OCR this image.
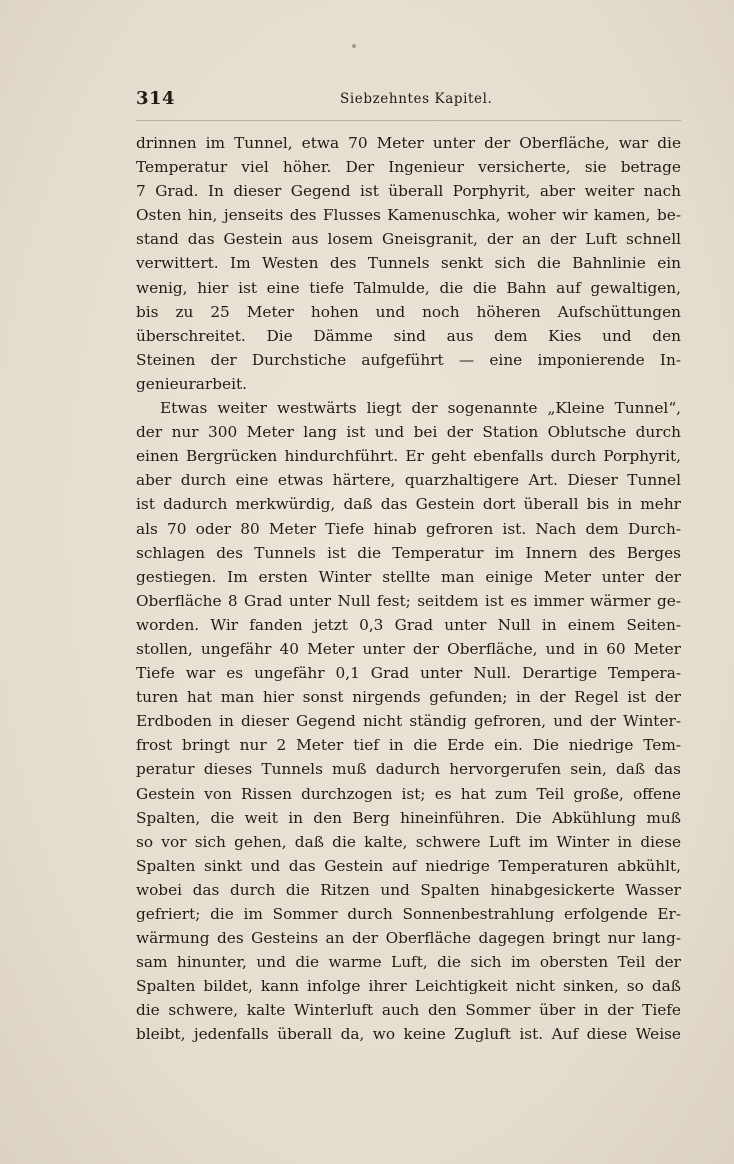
314	Siebzehntes Kapitel.
drinnen im Tunnel, etwa 70 Meter unter der Oberfläche, war die
Temperatur viel höher. Der Ingenieur versicherte, sie betrage
7 Grad. In dieser Gegend ist überall Porphyrit, aber weiter nach
Osten hin, jenseits des Flusses Kamenuschka, woher wir kamen, be-
stand das Gestein aus losem Gneisgranit, der an der Luft schnell
verwittert. Im Westen des Tunnels senkt sich die Bahnlinie ein
wenig, hier ist eine tiefe Talmulde, die die Bahn auf gewaltigen,
bis zu 25 Meter hohen und noch höheren Aufschüttungen
überschreitet. Die Dämme sind aus dem Kies und den
Steinen der Durchstiche aufgeführt — eine imponierende In-
genieurarbeit.
Etwas weiter westwärts liegt der sogenannte „Kleine Tunnel“,
der nur 300 Meter lang ist und bei der Station Oblutsche durch
einen Bergrücken hindurchführt. Er geht ebenfalls durch Porphyrit,
aber durch eine etwas härtere, quarzhaltigere Art. Dieser Tunnel
ist dadurch merkwürdig, daß das Gestein dort überall bis in mehr
als 70 oder 80 Meter Tiefe hinab gefroren ist. Nach dem Durch-
schlagen des Tunnels ist die Temperatur im Innern des Berges
gestiegen. Im ersten Winter stellte man einige Meter unter der
Oberfläche 8 Grad unter Null fest; seitdem ist es immer wärmer ge-
worden. Wir fanden jetzt 0,3 Grad unter Null in einem Seiten-
stollen, ungefähr 40 Meter unter der Oberfläche, und in 60 Meter
Tiefe war es ungefähr 0,1 Grad unter Null. Derartige Tempera-
turen hat man hier sonst nirgends gefunden; in der Regel ist der
Erdboden in dieser Gegend nicht ständig gefroren, und der Winter-
frost bringt nur 2 Meter tief in die Erde ein. Die niedrige Tem-
peratur dieses Tunnels muß dadurch hervorgerufen sein, daß das
Gestein von Rissen durchzogen ist; es hat zum Teil große, offene
Spalten, die weit in den Berg hineinführen. Die Abkühlung muß
so vor sich gehen, daß die kalte, schwere Luft im Winter in diese
Spalten sinkt und das Gestein auf niedrige Temperaturen abkühlt,
wobei das durch die Ritzen und Spalten hinabgesickerte Wasser
gefriert; die im Sommer durch Sonnenbestrahlung erfolgende Er-
wärmung des Gesteins an der Oberfläche dagegen bringt nur lang-
sam hinunter, und die warme Luft, die sich im obersten Teil der
Spalten bildet, kann infolge ihrer Leichtigkeit nicht sinken, so daß
die schwere, kalte Winterluft auch den Sommer über in der Tiefe
bleibt, jedenfalls überall da, wo keine Zugluft ist. Auf diese Weise
